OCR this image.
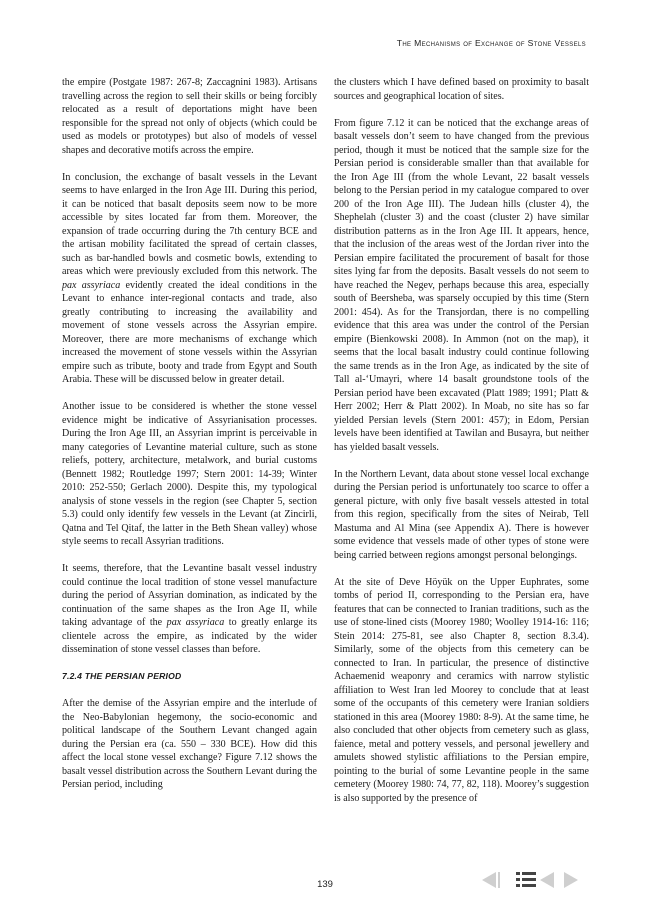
The Mechanisms of Exchange of Stone Vessels

the empire (Postgate 1987: 267-8; Zaccagnini 1983). Artisans travelling across the region to sell their skills or being forcibly relocated as a result of deportations might have been responsible for the spread not only of objects (which could be used as models or prototypes) but also of models of vessel shapes and decorative motifs across the empire.

In conclusion, the exchange of basalt vessels in the Levant seems to have enlarged in the Iron Age III. During this period, it can be noticed that basalt deposits seem now to be more accessible by sites located far from them. Moreover, the expansion of trade occurring during the 7th century BCE and the artisan mobility facilitated the spread of certain classes, such as bar-handled bowls and cosmetic bowls, extending to areas which were previously excluded from this network. The pax assyriaca evidently created the ideal conditions in the Levant to enhance inter-regional contacts and trade, also greatly contributing to increasing the availability and movement of stone vessels across the Assyrian empire. Moreover, there are more mechanisms of exchange which increased the movement of stone vessels within the Assyrian empire such as tribute, booty and trade from Egypt and South Arabia. These will be discussed below in greater detail.

Another issue to be considered is whether the stone vessel evidence might be indicative of Assyrianisation processes. During the Iron Age III, an Assyrian imprint is perceivable in many categories of Levantine material culture, such as stone reliefs, pottery, architecture, metalwork, and burial customs (Bennett 1982; Routledge 1997; Stern 2001: 14-39; Winter 2010: 252-550; Gerlach 2000). Despite this, my typological analysis of stone vessels in the region (see Chapter 5, section 5.3) could only identify few vessels in the Levant (at Zincirli, Qatna and Tel Qitaf, the latter in the Beth Shean valley) whose style seems to recall Assyrian traditions.

It seems, therefore, that the Levantine basalt vessel industry could continue the local tradition of stone vessel manufacture during the period of Assyrian domination, as indicated by the continuation of the same shapes as the Iron Age II, while taking advantage of the pax assyriaca to greatly enlarge its clientele across the empire, as indicated by the wider dissemination of stone vessel classes than before.

7.2.4 THE PERSIAN PERIOD

After the demise of the Assyrian empire and the interlude of the Neo-Babylonian hegemony, the socio-economic and political landscape of the Southern Levant changed again during the Persian era (ca. 550 – 330 BCE). How did this affect the local stone vessel exchange? Figure 7.12 shows the basalt vessel distribution across the Southern Levant during the Persian period, including

the clusters which I have defined based on proximity to basalt sources and geographical location of sites.

From figure 7.12 it can be noticed that the exchange areas of basalt vessels don’t seem to have changed from the previous period, though it must be noticed that the sample size for the Persian period is considerable smaller than that available for the Iron Age III (from the whole Levant, 22 basalt vessels belong to the Persian period in my catalogue compared to over 200 of the Iron Age III). The Judean hills (cluster 4), the Shephelah (cluster 3) and the coast (cluster 2) have similar distribution patterns as in the Iron Age III. It appears, hence, that the inclusion of the areas west of the Jordan river into the Persian empire facilitated the procurement of basalt for those sites lying far from the deposits. Basalt vessels do not seem to have reached the Negev, perhaps because this area, especially south of Beersheba, was sparsely occupied by this time (Stern 2001: 454). As for the Transjordan, there is no compelling evidence that this area was under the control of the Persian empire (Bienkowski 2008). In Ammon (not on the map), it seems that the local basalt industry could continue following the same trends as in the Iron Age, as indicated by the site of Tall al-‘Umayri, where 14 basalt groundstone tools of the Persian period have been excavated (Platt 1989; 1991; Platt & Herr 2002; Herr & Platt 2002). In Moab, no site has so far yielded Persian levels (Stern 2001: 457); in Edom, Persian levels have been identified at Tawilan and Busayra, but neither has yielded basalt vessels.

In the Northern Levant, data about stone vessel local exchange during the Persian period is unfortunately too scarce to offer a general picture, with only five basalt vessels attested in total from this region, specifically from the sites of Neirab, Tell Mastuma and Al Mina (see Appendix A). There is however some evidence that vessels made of other types of stone were being carried between regions amongst personal belongings.

At the site of Deve Höyük on the Upper Euphrates, some tombs of period II, corresponding to the Persian era, have features that can be connected to Iranian traditions, such as the use of stone-lined cists (Moorey 1980; Woolley 1914-16: 116; Stein 2014: 275-81, see also Chapter 8, section 8.3.4). Similarly, some of the objects from this cemetery can be connected to Iran. In particular, the presence of distinctive Achaemenid weaponry and ceramics with narrow stylistic affiliation to West Iran led Moorey to conclude that at least some of the occupants of this cemetery were Iranian soldiers stationed in this area (Moorey 1980: 8-9). At the same time, he also concluded that other objects from cemetery such as glass, faience, metal and pottery vessels, and personal jewellery and amulets showed stylistic affiliations to the Persian empire, pointing to the burial of some Levantine people in the same cemetery (Moorey 1980: 74, 77, 82, 118). Moorey’s suggestion is also supported by the presence of

139
